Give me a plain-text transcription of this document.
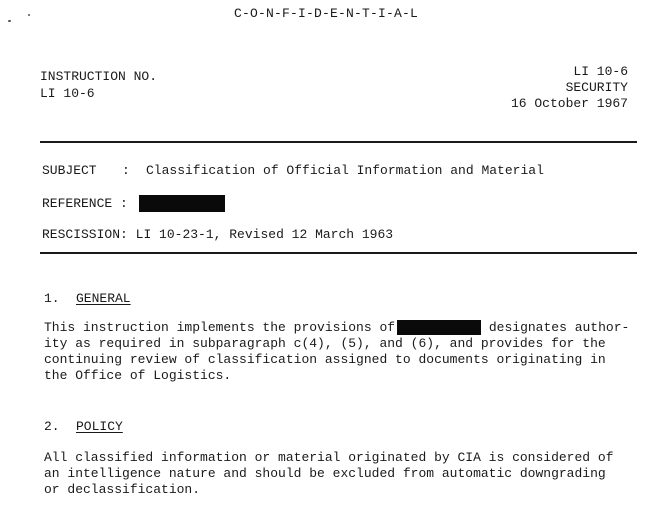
C-O-N-F-I-D-E-N-T-I-A-L
INSTRUCTION NO.
LI 10-6
LI 10-6
SECURITY
16 October 1967
SUBJECT : Classification of Official Information and Material
REFERENCE :
RESCISSION: LI 10-23-1, Revised 12 March 1963
1. GENERAL
This instruction implements the provisions of	designates author-
ity as required in subparagraph c(4), (5), and (6), and provides for the
continuing review of classification assigned to documents originating in
the Office of Logistics.
2. POLICY
All classified information or material originated by CIA is considered of
an intelligence nature and should be excluded from automatic downgrading
or declassification.
